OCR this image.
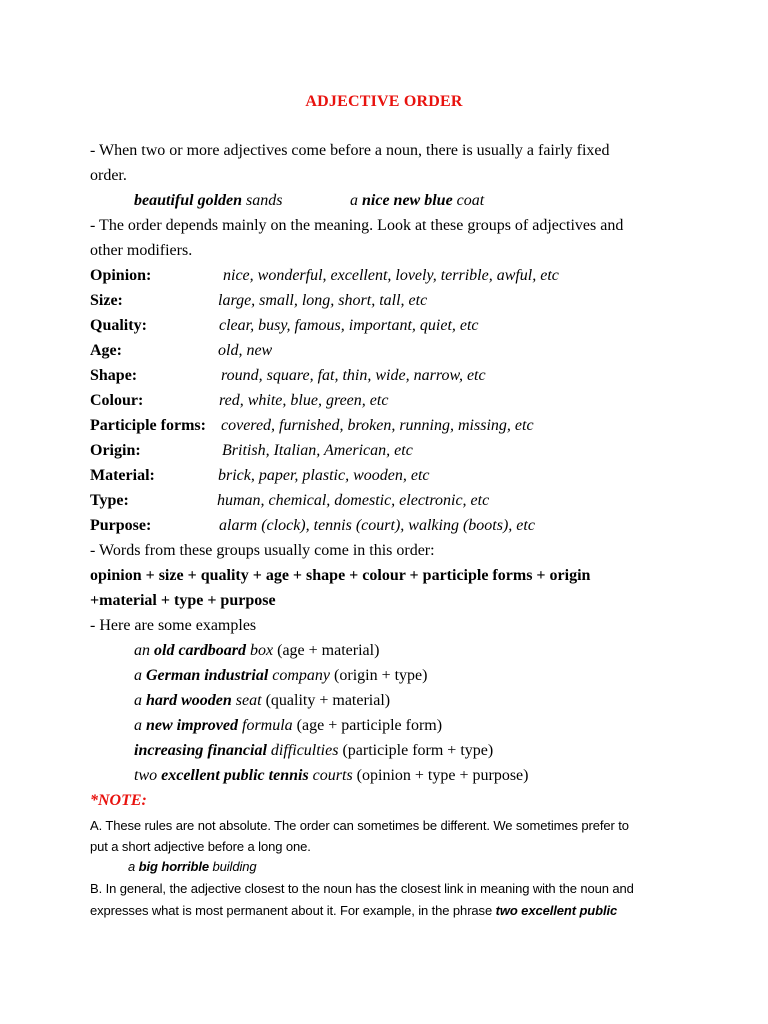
ADJECTIVE ORDER
- When two or more adjectives come before a noun, there is usually a fairly fixed
order.
beautiful golden sands	a nice new blue coat
- The order depends mainly on the meaning. Look at these groups of adjectives and
other modifiers.
Opinion:	nice, wonderful, excellent, lovely, terrible, awful, etc
Size:	large, small, long, short, tall, etc
Quality:	clear, busy, famous, important, quiet, etc
Age:	old, new
Shape:	round, square, fat, thin, wide, narrow, etc
Colour:	red, white, blue, green, etc
Participle forms: covered, furnished, broken, running, missing, etc
Origin:	British, Italian, American, etc
Material:	brick, paper, plastic, wooden, etc
Type:	human, chemical, domestic, electronic, etc
Purpose:	alarm (clock), tennis (court), walking (boots), etc
- Words from these groups usually come in this order:
opinion + size + quality + age + shape + colour + participle forms + origin
+material + type + purpose
- Here are some examples
an old cardboard box (age + material)
a German industrial company (origin + type)
a hard wooden seat (quality + material)
a new improved formula (age + participle form)
increasing financial difficulties (participle form + type)
two excellent public tennis courts (opinion + type + purpose)
*NOTE:
A. These rules are not absolute. The order can sometimes be different. We sometimes prefer to
put a short adjective before a long one.
a big horrible building
B. In general, the adjective closest to the noun has the closest link in meaning with the noun and
expresses what is most permanent about it. For example, in the phrase two excellent public
